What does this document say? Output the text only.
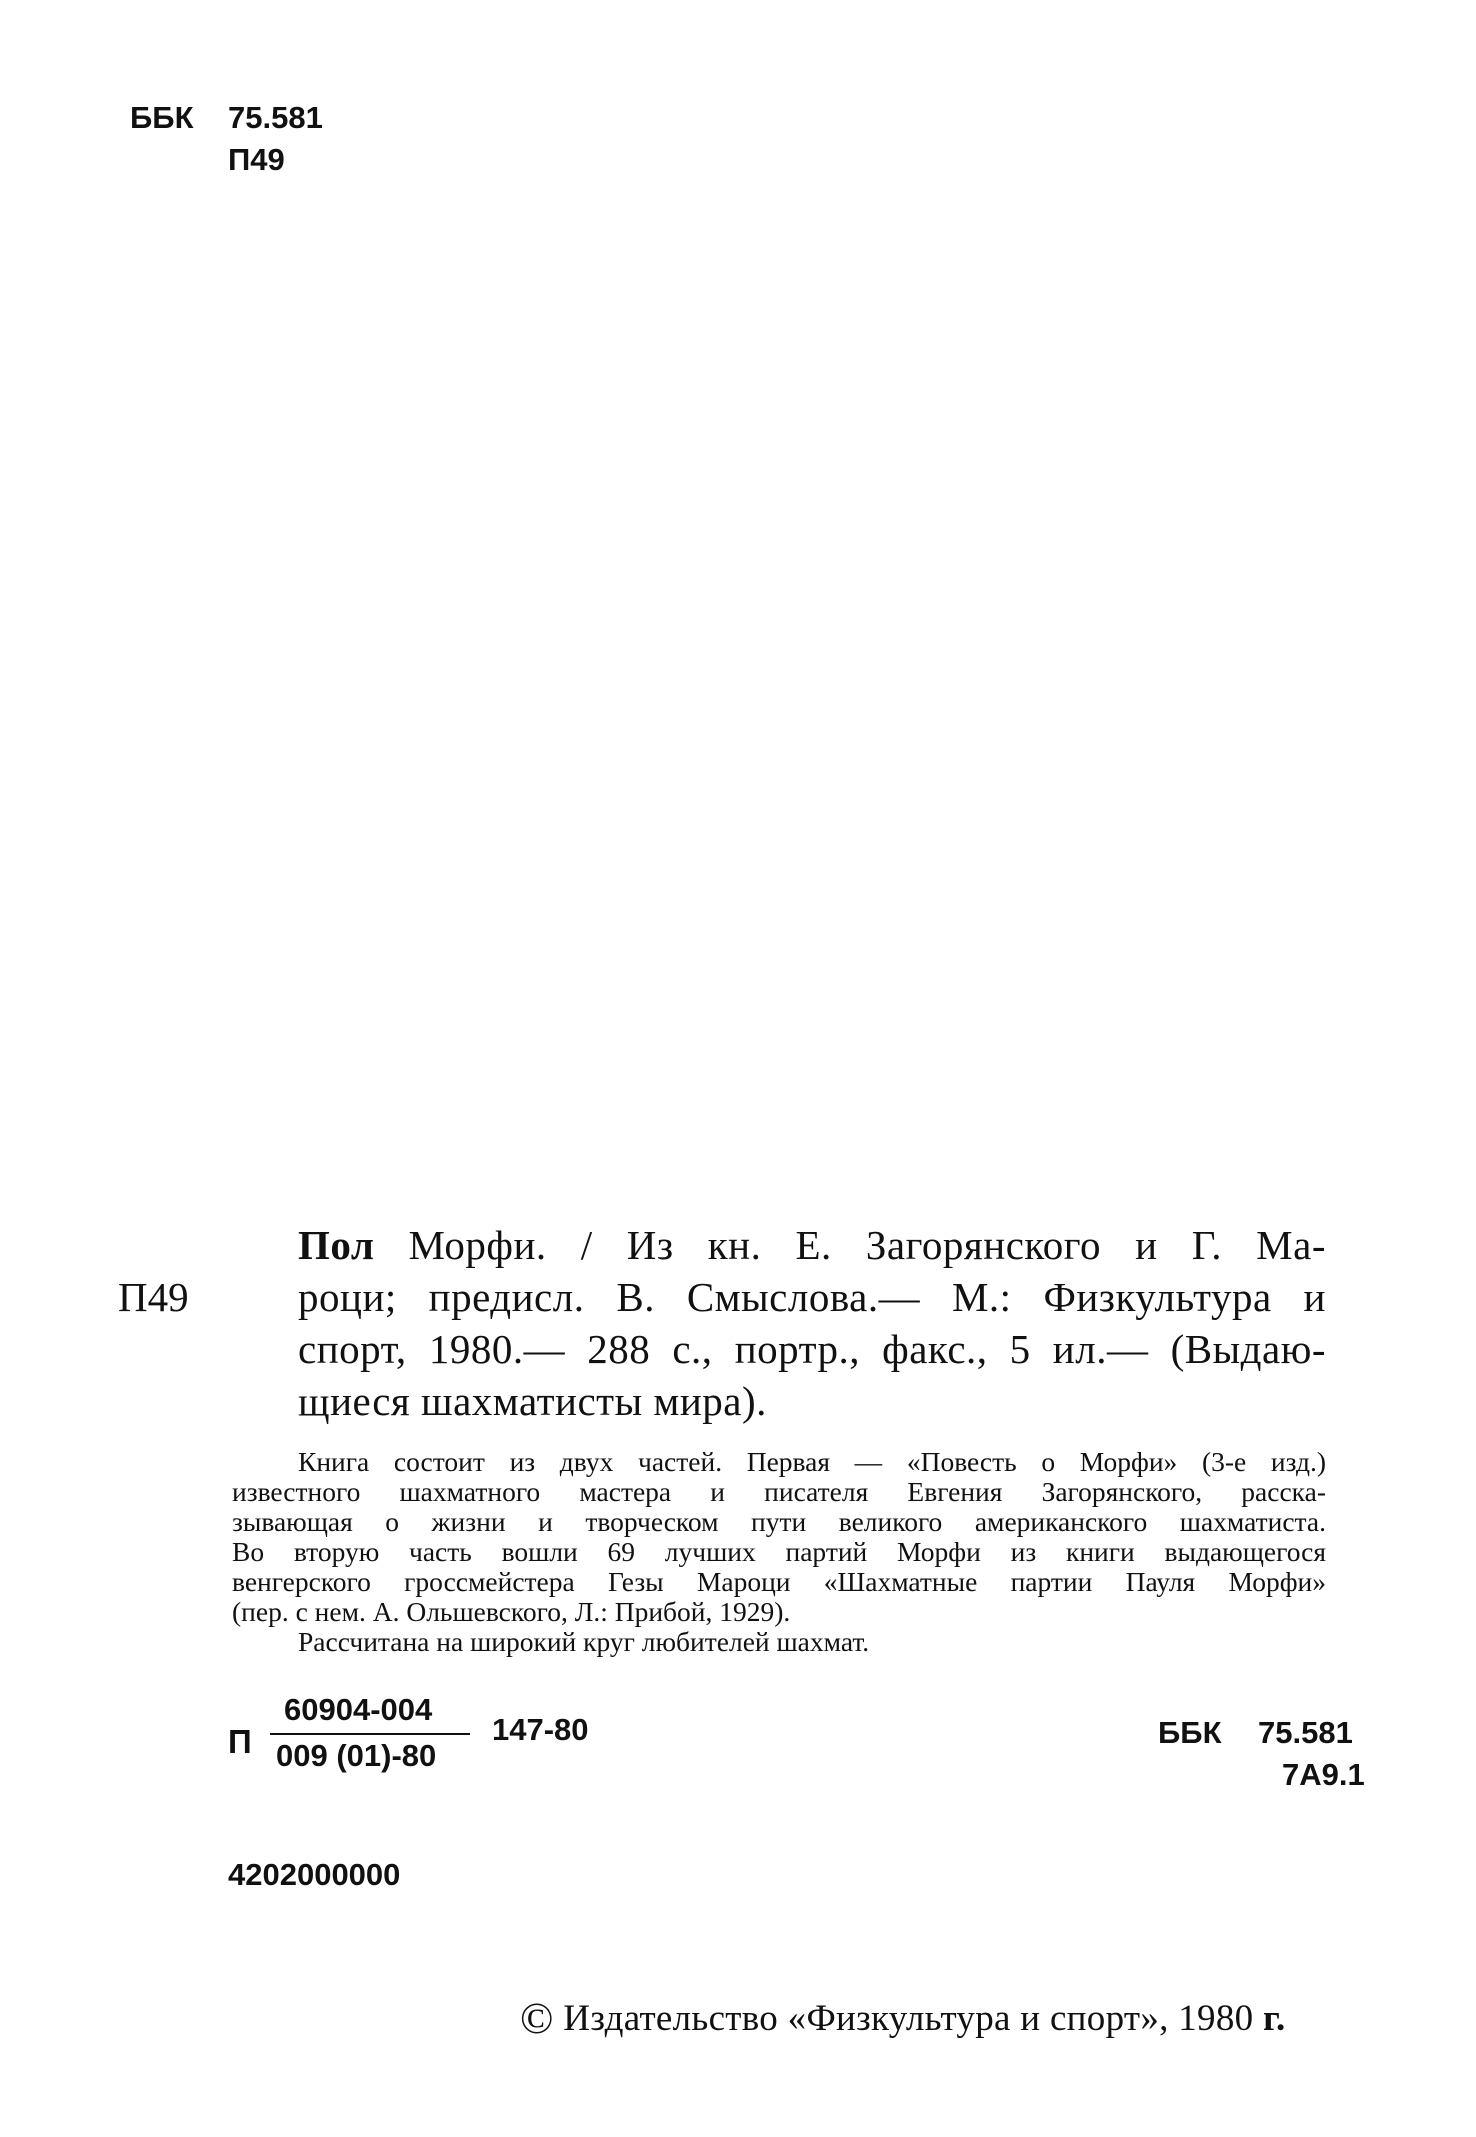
ББК 75.581
П49
П49
Пол Морфи. / Из кн. Е. Загорянского и Г. Ма-
роци; предисл. В. Смыслова.— М.: Физкультура и
спорт, 1980.— 288 с., портр., факс., 5 ил.— (Выдаю-
щиеся шахматисты мира).
Книга состоит из двух частей. Первая — «Повесть о Морфи» (3-е изд.)
известного шахматного мастера и писателя Евгения Загорянского, расска-
зывающая о жизни и творческом пути великого американского шахматиста.
Во вторую часть вошли 69 лучших партий Морфи из книги выдающегося
венгерского гроссмейстера Гезы Мароци «Шахматные партии Пауля Морфи»
(пер. с нем. А. Ольшевского, Л.: Прибой, 1929).
Рассчитана на широкий круг любителей шахмат.
П
60904-004
009 (01)-80
147-80	ББК 75.581
7А9.1
4202000000
© Издательство «Физкультура и спорт», 1980 г.
